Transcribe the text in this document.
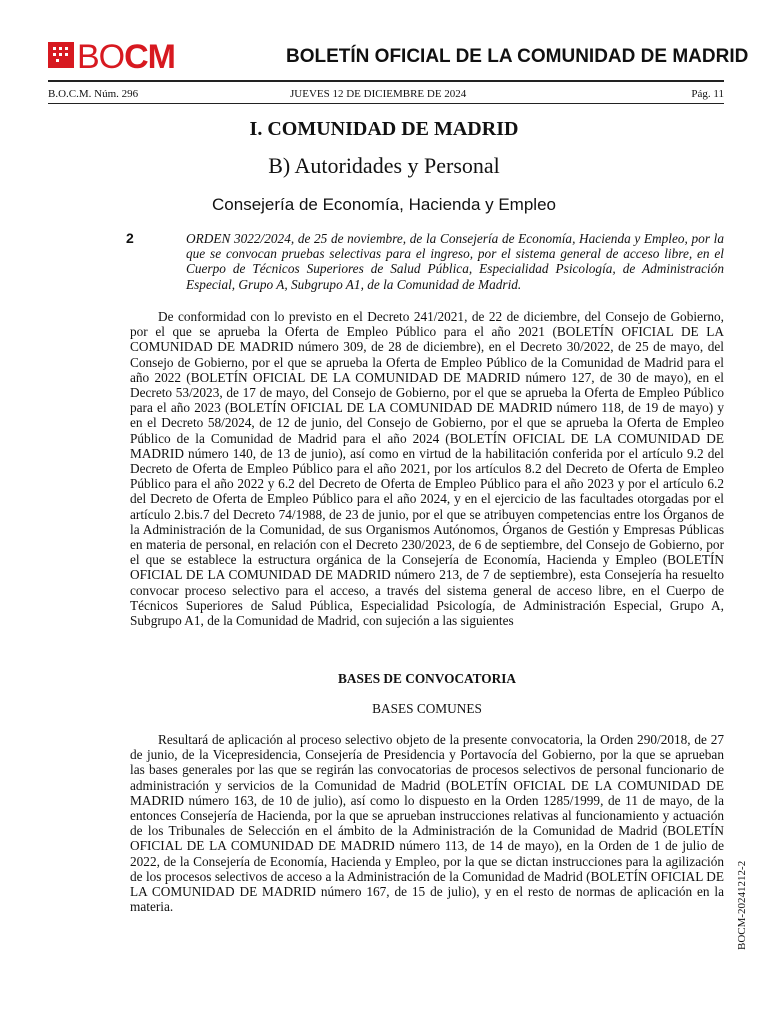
BOCM	BOLETÍN OFICIAL DE LA COMUNIDAD DE MADRID
B.O.C.M. Núm. 296	JUEVES 12 DE DICIEMBRE DE 2024	Pág. 11
I. COMUNIDAD DE MADRID
B) Autoridades y Personal
Consejería de Economía, Hacienda y Empleo
2	ORDEN 3022/2024, de 25 de noviembre, de la Consejería de Economía, Hacienda y Empleo, por la que se convocan pruebas selectivas para el ingreso, por el sistema general de acceso libre, en el Cuerpo de Técnicos Superiores de Salud Pública, Especialidad Psicología, de Administración Especial, Grupo A, Subgrupo A1, de la Comunidad de Madrid.

De conformidad con lo previsto en el Decreto 241/2021, de 22 de diciembre, del Consejo de Gobierno, por el que se aprueba la Oferta de Empleo Público para el año 2021 (BOLETÍN OFICIAL DE LA COMUNIDAD DE MADRID número 309, de 28 de diciembre), en el Decreto 30/2022, de 25 de mayo, del Consejo de Gobierno, por el que se aprueba la Oferta de Empleo Público de la Comunidad de Madrid para el año 2022 (BOLETÍN OFICIAL DE LA COMUNIDAD DE MADRID número 127, de 30 de mayo), en el Decreto 53/2023, de 17 de mayo, del Consejo de Gobierno, por el que se aprueba la Oferta de Empleo Público para el año 2023 (BOLETÍN OFICIAL DE LA COMUNIDAD DE MADRID número 118, de 19 de mayo) y en el Decreto 58/2024, de 12 de junio, del Consejo de Gobierno, por el que se aprueba la Oferta de Empleo Público de la Comunidad de Madrid para el año 2024 (BOLETÍN OFICIAL DE LA COMUNIDAD DE MADRID número 140, de 13 de junio), así como en virtud de la habilitación conferida por el artículo 9.2 del Decreto de Oferta de Empleo Público para el año 2021, por los artículos 8.2 del Decreto de Oferta de Empleo Público para el año 2022 y 6.2 del Decreto de Oferta de Empleo Público para el año 2023 y por el artículo 6.2 del Decreto de Oferta de Empleo Público para el año 2024, y en el ejercicio de las facultades otorgadas por el artículo 2.bis.7 del Decreto 74/1988, de 23 de junio, por el que se atribuyen competencias entre los Órganos de la Administración de la Comunidad, de sus Organismos Autónomos, Órganos de Gestión y Empresas Públicas en materia de personal, en relación con el Decreto 230/2023, de 6 de septiembre, del Consejo de Gobierno, por el que se establece la estructura orgánica de la Consejería de Economía, Hacienda y Empleo (BOLETÍN OFICIAL DE LA COMUNIDAD DE MADRID número 213, de 7 de septiembre), esta Consejería ha resuelto convocar proceso selectivo para el acceso, a través del sistema general de acceso libre, en el Cuerpo de Técnicos Superiores de Salud Pública, Especialidad Psicología, de Administración Especial, Grupo A, Subgrupo A1, de la Comunidad de Madrid, con sujeción a las siguientes

BASES DE CONVOCATORIA
BASES COMUNES

Resultará de aplicación al proceso selectivo objeto de la presente convocatoria, la Orden 290/2018, de 27 de junio, de la Vicepresidencia, Consejería de Presidencia y Portavocía del Gobierno, por la que se aprueban las bases generales por las que se regirán las convocatorias de procesos selectivos de personal funcionario de administración y servicios de la Comunidad de Madrid (BOLETÍN OFICIAL DE LA COMUNIDAD DE MADRID número 163, de 10 de julio), así como lo dispuesto en la Orden 1285/1999, de 11 de mayo, de la entonces Consejería de Hacienda, por la que se aprueban instrucciones relativas al funcionamiento y actuación de los Tribunales de Selección en el ámbito de la Administración de la Comunidad de Madrid (BOLETÍN OFICIAL DE LA COMUNIDAD DE MADRID número 113, de 14 de mayo), en la Orden de 1 de julio de 2022, de la Consejería de Economía, Hacienda y Empleo, por la que se dictan instrucciones para la agilización de los procesos selectivos de acceso a la Administración de la Comunidad de Madrid (BOLETÍN OFICIAL DE LA COMUNIDAD DE MADRID número 167, de 15 de julio), y en el resto de normas de aplicación en la materia.	BOCM-20241212-2
